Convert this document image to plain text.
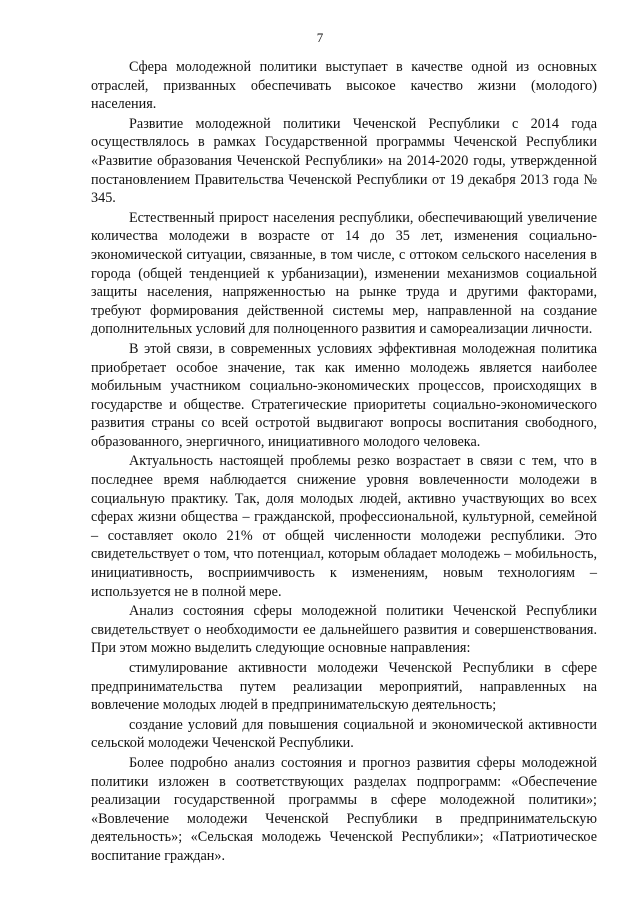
7

Сфера молодежной политики выступает в качестве одной из основных отраслей, призванных обеспечивать высокое качество жизни (молодого) населения.

Развитие молодежной политики Чеченской Республики с 2014 года осуществлялось в рамках Государственной программы Чеченской Республики «Развитие образования Чеченской Республики» на 2014-2020 годы, утвержденной постановлением Правительства Чеченской Республики от 19 декабря 2013 года № 345.

Естественный прирост населения республики, обеспечивающий увеличение количества молодежи в возрасте от 14 до 35 лет, изменения социально-экономической ситуации, связанные, в том числе, с оттоком сельского населения в города (общей тенденцией к урбанизации), изменении механизмов социальной защиты населения, напряженностью на рынке труда и другими факторами, требуют формирования действенной системы мер, направленной на создание дополнительных условий для полноценного развития и самореализации личности.

В этой связи, в современных условиях эффективная молодежная политика приобретает особое значение, так как именно молодежь является наиболее мобильным участником социально-экономических процессов, происходящих в государстве и обществе. Стратегические приоритеты социально-экономического развития страны со всей остротой выдвигают вопросы воспитания свободного, образованного, энергичного, инициативного молодого человека.

Актуальность настоящей проблемы резко возрастает в связи с тем, что в последнее время наблюдается снижение уровня вовлеченности молодежи в социальную практику. Так, доля молодых людей, активно участвующих во всех сферах жизни общества – гражданской, профессиональной, культурной, семейной – составляет около 21% от общей численности молодежи республики. Это свидетельствует о том, что потенциал, которым обладает молодежь – мобильность, инициативность, восприимчивость к изменениям, новым технологиям – используется не в полной мере.

Анализ состояния сферы молодежной политики Чеченской Республики свидетельствует о необходимости ее дальнейшего развития и совершенствования. При этом можно выделить следующие основные направления:

стимулирование активности молодежи Чеченской Республики в сфере предпринимательства путем реализации мероприятий, направленных на вовлечение молодых людей в предпринимательскую деятельность;

создание условий для повышения социальной и экономической активности сельской молодежи Чеченской Республики.

Более подробно анализ состояния и прогноз развития сферы молодежной политики изложен в соответствующих разделах подпрограмм: «Обеспечение реализации государственной программы в сфере молодежной политики»; «Вовлечение молодежи Чеченской Республики в предпринимательскую деятельность»; «Сельская молодежь Чеченской Республики»; «Патриотическое воспитание граждан».
